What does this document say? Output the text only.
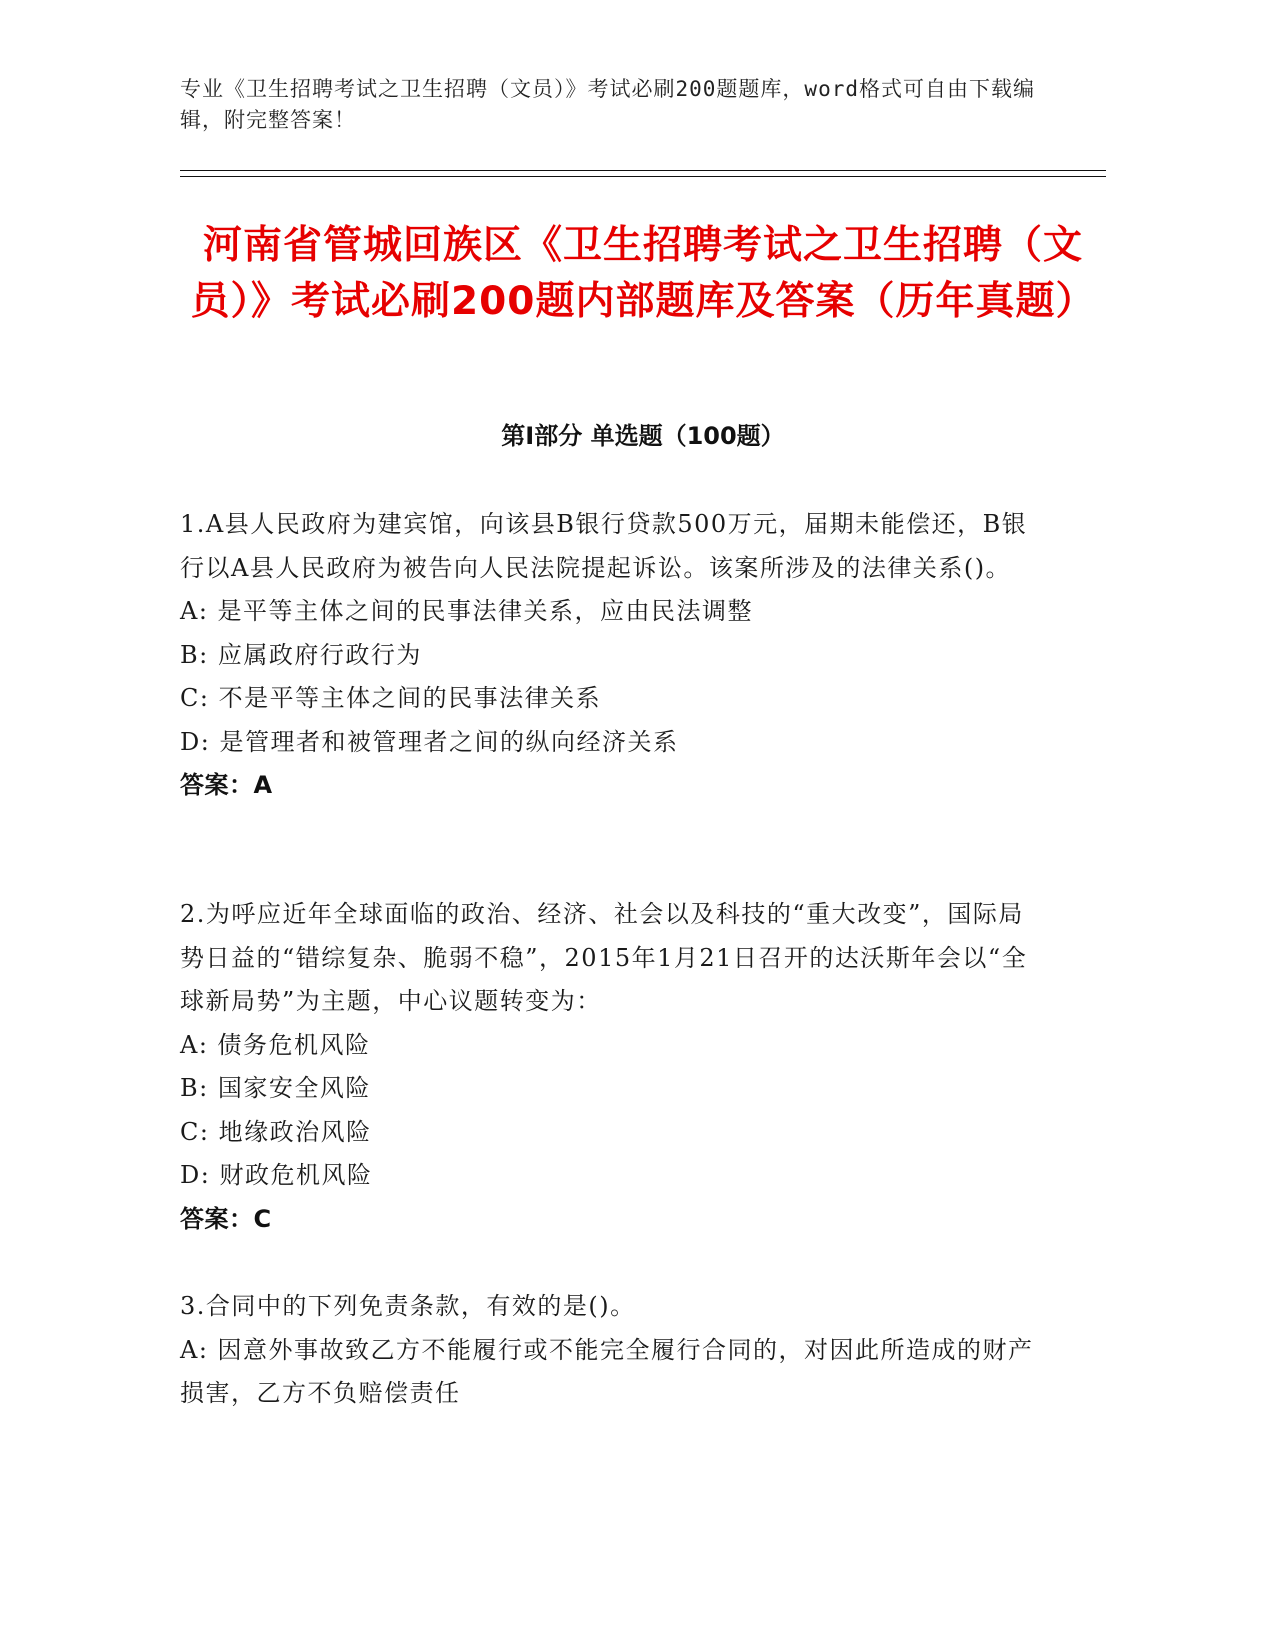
专业《卫生招聘考试之卫生招聘（文员）》考试必刷200题题库，word格式可自由下载编辑，附完整答案！
河南省管城回族区《卫生招聘考试之卫生招聘（文员）》考试必刷200题内部题库及答案（历年真题）
第Ⅰ部分 单选题（100题）
1.A县人民政府为建宾馆，向该县B银行贷款500万元，届期未能偿还，B银行以A县人民政府为被告向人民法院提起诉讼。该案所涉及的法律关系()。
A: 是平等主体之间的民事法律关系，应由民法调整
B: 应属政府行政行为
C: 不是平等主体之间的民事法律关系
D: 是管理者和被管理者之间的纵向经济关系
答案：A
2.为呼应近年全球面临的政治、经济、社会以及科技的“重大改变”，国际局势日益的“错综复杂、脆弱不稳”，2015年1月21日召开的达沃斯年会以“全球新局势”为主题，中心议题转变为：
A: 债务危机风险
B: 国家安全风险
C: 地缘政治风险
D: 财政危机风险
答案：C
3.合同中的下列免责条款，有效的是()。
A: 因意外事故致乙方不能履行或不能完全履行合同的，对因此所造成的财产损害，乙方不负赔偿责任
